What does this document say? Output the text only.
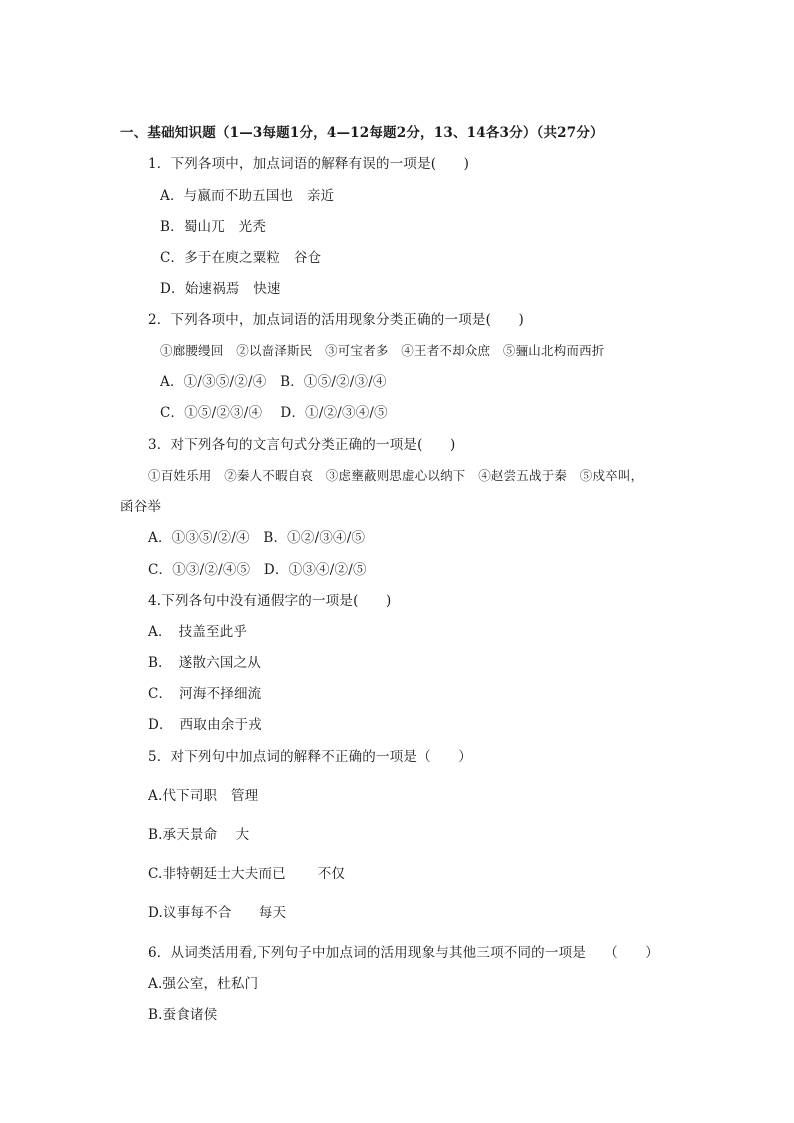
一、基础知识题（1—3每题1分，4—12每题2分，13、14各3分）（共27分）
1．下列各项中，加点词语的解释有误的一项是(　　)
A．与嬴而不助五国也　亲近
B．蜀山兀　光秃
C．多于在庾之粟粒　谷仓
D．始速祸焉　快速
2．下列各项中，加点词语的活用现象分类正确的一项是(　　)
①廊腰缦回　②以啬泽斯民　③可宝者多　④王者不却众庶　⑤骊山北构而西折
A．①/③⑤/②/④　B．①⑤/②/③/④
C．①⑤/②③/④　 D．①/②/③④/⑤
3．对下列各句的文言句式分类正确的一项是(　　)
①百姓乐用　②秦人不暇自哀　③虑壅蔽则思虚心以纳下　④赵尝五战于秦　⑤戍卒叫，
函谷举
A．①③⑤/②/④　B．①②/③④/⑤
C．①③/②/④⑤　D．①③④/②/⑤
4.下列各句中没有通假字的一项是(　　)
A．　技盖至此乎
B．　遂散六国之从
C．　河海不择细流
D．　西取由余于戎
5．对下列句中加点词的解释不正确的一项是（　　）
A.代下司职　管理
B.承天景命　 大
C.非特朝廷士大夫而已　　 不仅
D.议事每不合　　每天
6．从词类活用看,下列句子中加点词的活用现象与其他三项不同的一项是　 （　　）
A.强公室，杜私门
B.蚕食诸侯
